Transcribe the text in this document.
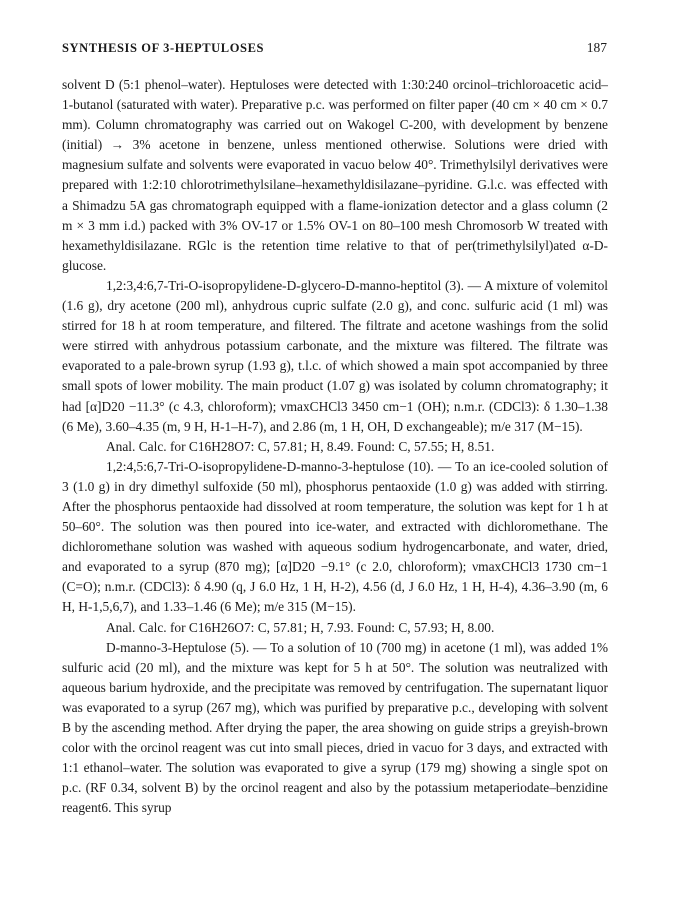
SYNTHESIS OF 3-HEPTULOSES	187

solvent D (5:1 phenol–water). Heptuloses were detected with 1:30:240 orcinol–trichloroacetic acid–1-butanol (saturated with water). Preparative p.c. was performed on filter paper (40 cm × 40 cm × 0.7 mm). Column chromatography was carried out on Wakogel C-200, with development by benzene (initial) → 3% acetone in benzene, unless mentioned otherwise. Solutions were dried with magnesium sulfate and solvents were evaporated in vacuo below 40°. Trimethylsilyl derivatives were prepared with 1:2:10 chlorotrimethylsilane–hexamethyldisilazane–pyridine. G.l.c. was effected with a Shimadzu 5A gas chromatograph equipped with a flame-ionization detector and a glass column (2 m × 3 mm i.d.) packed with 3% OV-17 or 1.5% OV-1 on 80–100 mesh Chromosorb W treated with hexamethyldisilazane. RGlc is the retention time relative to that of per(trimethylsilyl)ated α-D-glucose.

1,2:3,4:6,7-Tri-O-isopropylidene-D-glycero-D-manno-heptitol (3). — A mixture of volemitol (1.6 g), dry acetone (200 ml), anhydrous cupric sulfate (2.0 g), and conc. sulfuric acid (1 ml) was stirred for 18 h at room temperature, and filtered. The filtrate and acetone washings from the solid were stirred with anhydrous potassium carbonate, and the mixture was filtered. The filtrate was evaporated to a pale-brown syrup (1.93 g), t.l.c. of which showed a main spot accompanied by three small spots of lower mobility. The main product (1.07 g) was isolated by column chromatography; it had [α]D20 −11.3° (c 4.3, chloroform); νmaxCHCl3 3450 cm−1 (OH); n.m.r. (CDCl3): δ 1.30–1.38 (6 Me), 3.60–4.35 (m, 9 H, H-1–H-7), and 2.86 (m, 1 H, OH, D exchangeable); m/e 317 (M−15).

Anal. Calc. for C16H28O7: C, 57.81; H, 8.49. Found: C, 57.55; H, 8.51.

1,2:4,5:6,7-Tri-O-isopropylidene-D-manno-3-heptulose (10). — To an ice-cooled solution of 3 (1.0 g) in dry dimethyl sulfoxide (50 ml), phosphorus pentaoxide (1.0 g) was added with stirring. After the phosphorus pentaoxide had dissolved at room temperature, the solution was kept for 1 h at 50–60°. The solution was then poured into ice-water, and extracted with dichloromethane. The dichloromethane solution was washed with aqueous sodium hydrogencarbonate, and water, dried, and evaporated to a syrup (870 mg); [α]D20 −9.1° (c 2.0, chloroform); νmaxCHCl3 1730 cm−1 (C=O); n.m.r. (CDCl3): δ 4.90 (q, J 6.0 Hz, 1 H, H-2), 4.56 (d, J 6.0 Hz, 1 H, H-4), 4.36–3.90 (m, 6 H, H-1,5,6,7), and 1.33–1.46 (6 Me); m/e 315 (M−15).

Anal. Calc. for C16H26O7: C, 57.81; H, 7.93. Found: C, 57.93; H, 8.00.

D-manno-3-Heptulose (5). — To a solution of 10 (700 mg) in acetone (1 ml), was added 1% sulfuric acid (20 ml), and the mixture was kept for 5 h at 50°. The solution was neutralized with aqueous barium hydroxide, and the precipitate was removed by centrifugation. The supernatant liquor was evaporated to a syrup (267 mg), which was purified by preparative p.c., developing with solvent B by the ascending method. After drying the paper, the area showing on guide strips a greyish-brown color with the orcinol reagent was cut into small pieces, dried in vacuo for 3 days, and extracted with 1:1 ethanol–water. The solution was evaporated to give a syrup (179 mg) showing a single spot on p.c. (RF 0.34, solvent B) by the orcinol reagent and also by the potassium metaperiodate–benzidine reagent6. This syrup
